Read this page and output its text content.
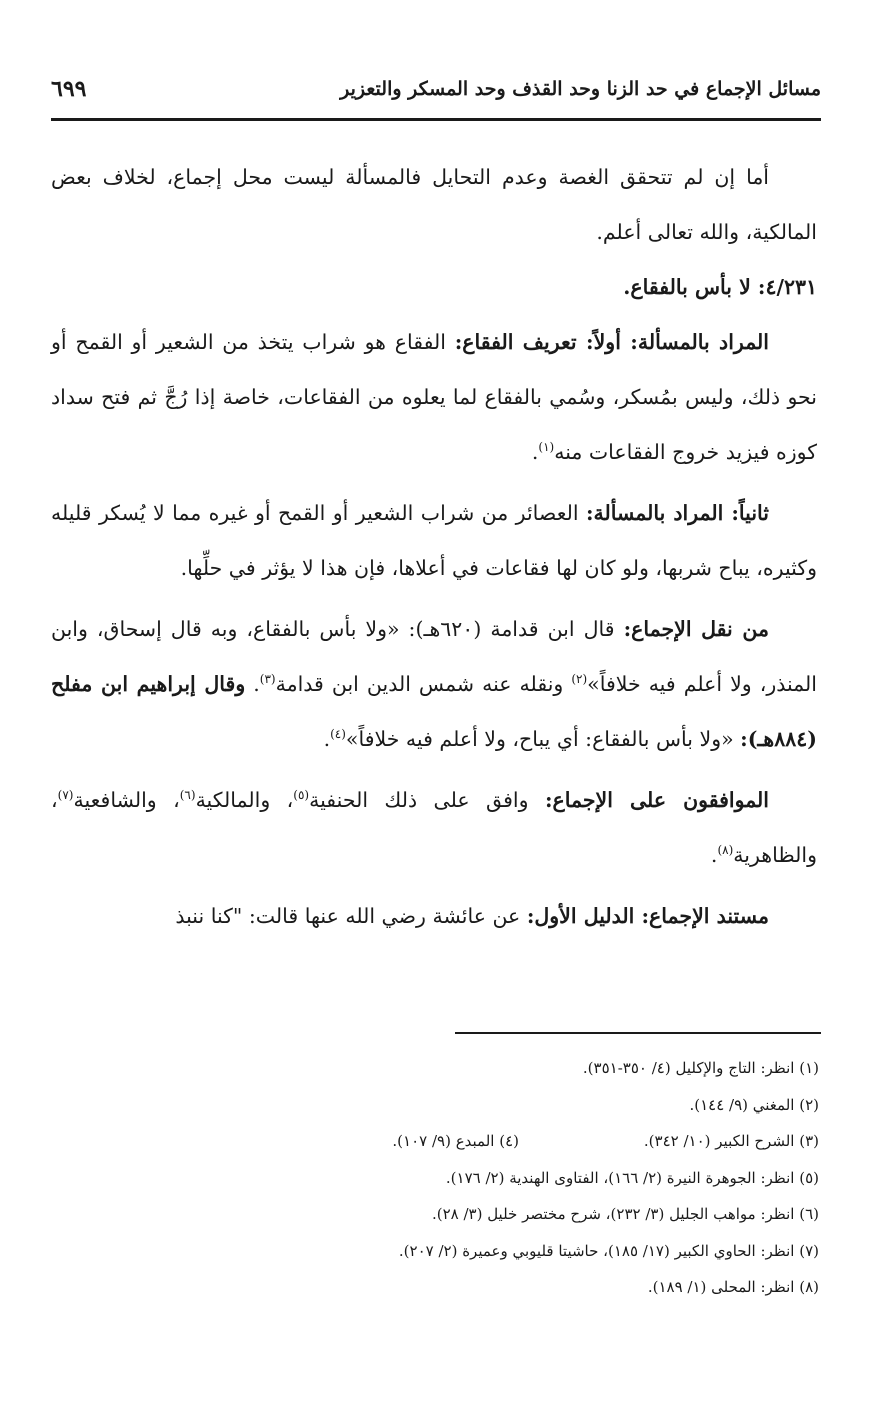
مسائل الإجماع في حد الزنا وحد القذف وحد المسكر والتعزير
٦٩٩

أما إن لم تتحقق الغصة وعدم التحايل فالمسألة ليست محل إجماع، لخلاف بعض المالكية، والله تعالى أعلم.

٤/٢٣١: لا بأس بالفقاع.

المراد بالمسألة: أولاً: تعريف الفقاع: الفقاع هو شراب يتخذ من الشعير أو القمح أو نحو ذلك، وليس بمُسكر، وسُمي بالفقاع لما يعلوه من الفقاعات، خاصة إذا رُجَّ ثم فتح سداد كوزه فيزيد خروج الفقاعات منه$^{(١)}$.

ثانياً: المراد بالمسألة: العصائر من شراب الشعير أو القمح أو غيره مما لا يُسكر قليله وكثيره، يباح شربها، ولو كان لها فقاعات في أعلاها، فإن هذا لا يؤثر في حلِّها.

من نقل الإجماع: قال ابن قدامة (٦٢٠هـ): «ولا بأس بالفقاع، وبه قال إسحاق، وابن المنذر، ولا أعلم فيه خلافاً»$^{(٢)}$ ونقله عنه شمس الدين ابن قدامة$^{(٣)}$. وقال إبراهيم ابن مفلح (٨٨٤هـ): «ولا بأس بالفقاع: أي يباح، ولا أعلم فيه خلافاً»$^{(٤)}$.

الموافقون على الإجماع: وافق على ذلك الحنفية$^{(٥)}$، والمالكية$^{(٦)}$، والشافعية$^{(٧)}$، والظاهرية$^{(٨)}$.

مستند الإجماع: الدليل الأول: عن عائشة رضي الله عنها قالت: "كنا ننبذ

(١) انظر: التاج والإكليل (٤/ ٣٥٠-٣٥١).
(٢) المغني (٩/ ١٤٤).
(٣) الشرح الكبير (١٠/ ٣٤٢).(٤) المبدع (٩/ ١٠٧).
(٥) انظر: الجوهرة النيرة (٢/ ١٦٦)، الفتاوى الهندية (٢/ ١٧٦).
(٦) انظر: مواهب الجليل (٣/ ٢٣٢)، شرح مختصر خليل (٣/ ٢٨).
(٧) انظر: الحاوي الكبير (١٧/ ١٨٥)، حاشيتا قليوبي وعميرة (٢/ ٢٠٧).
(٨) انظر: المحلى (١/ ١٨٩).
